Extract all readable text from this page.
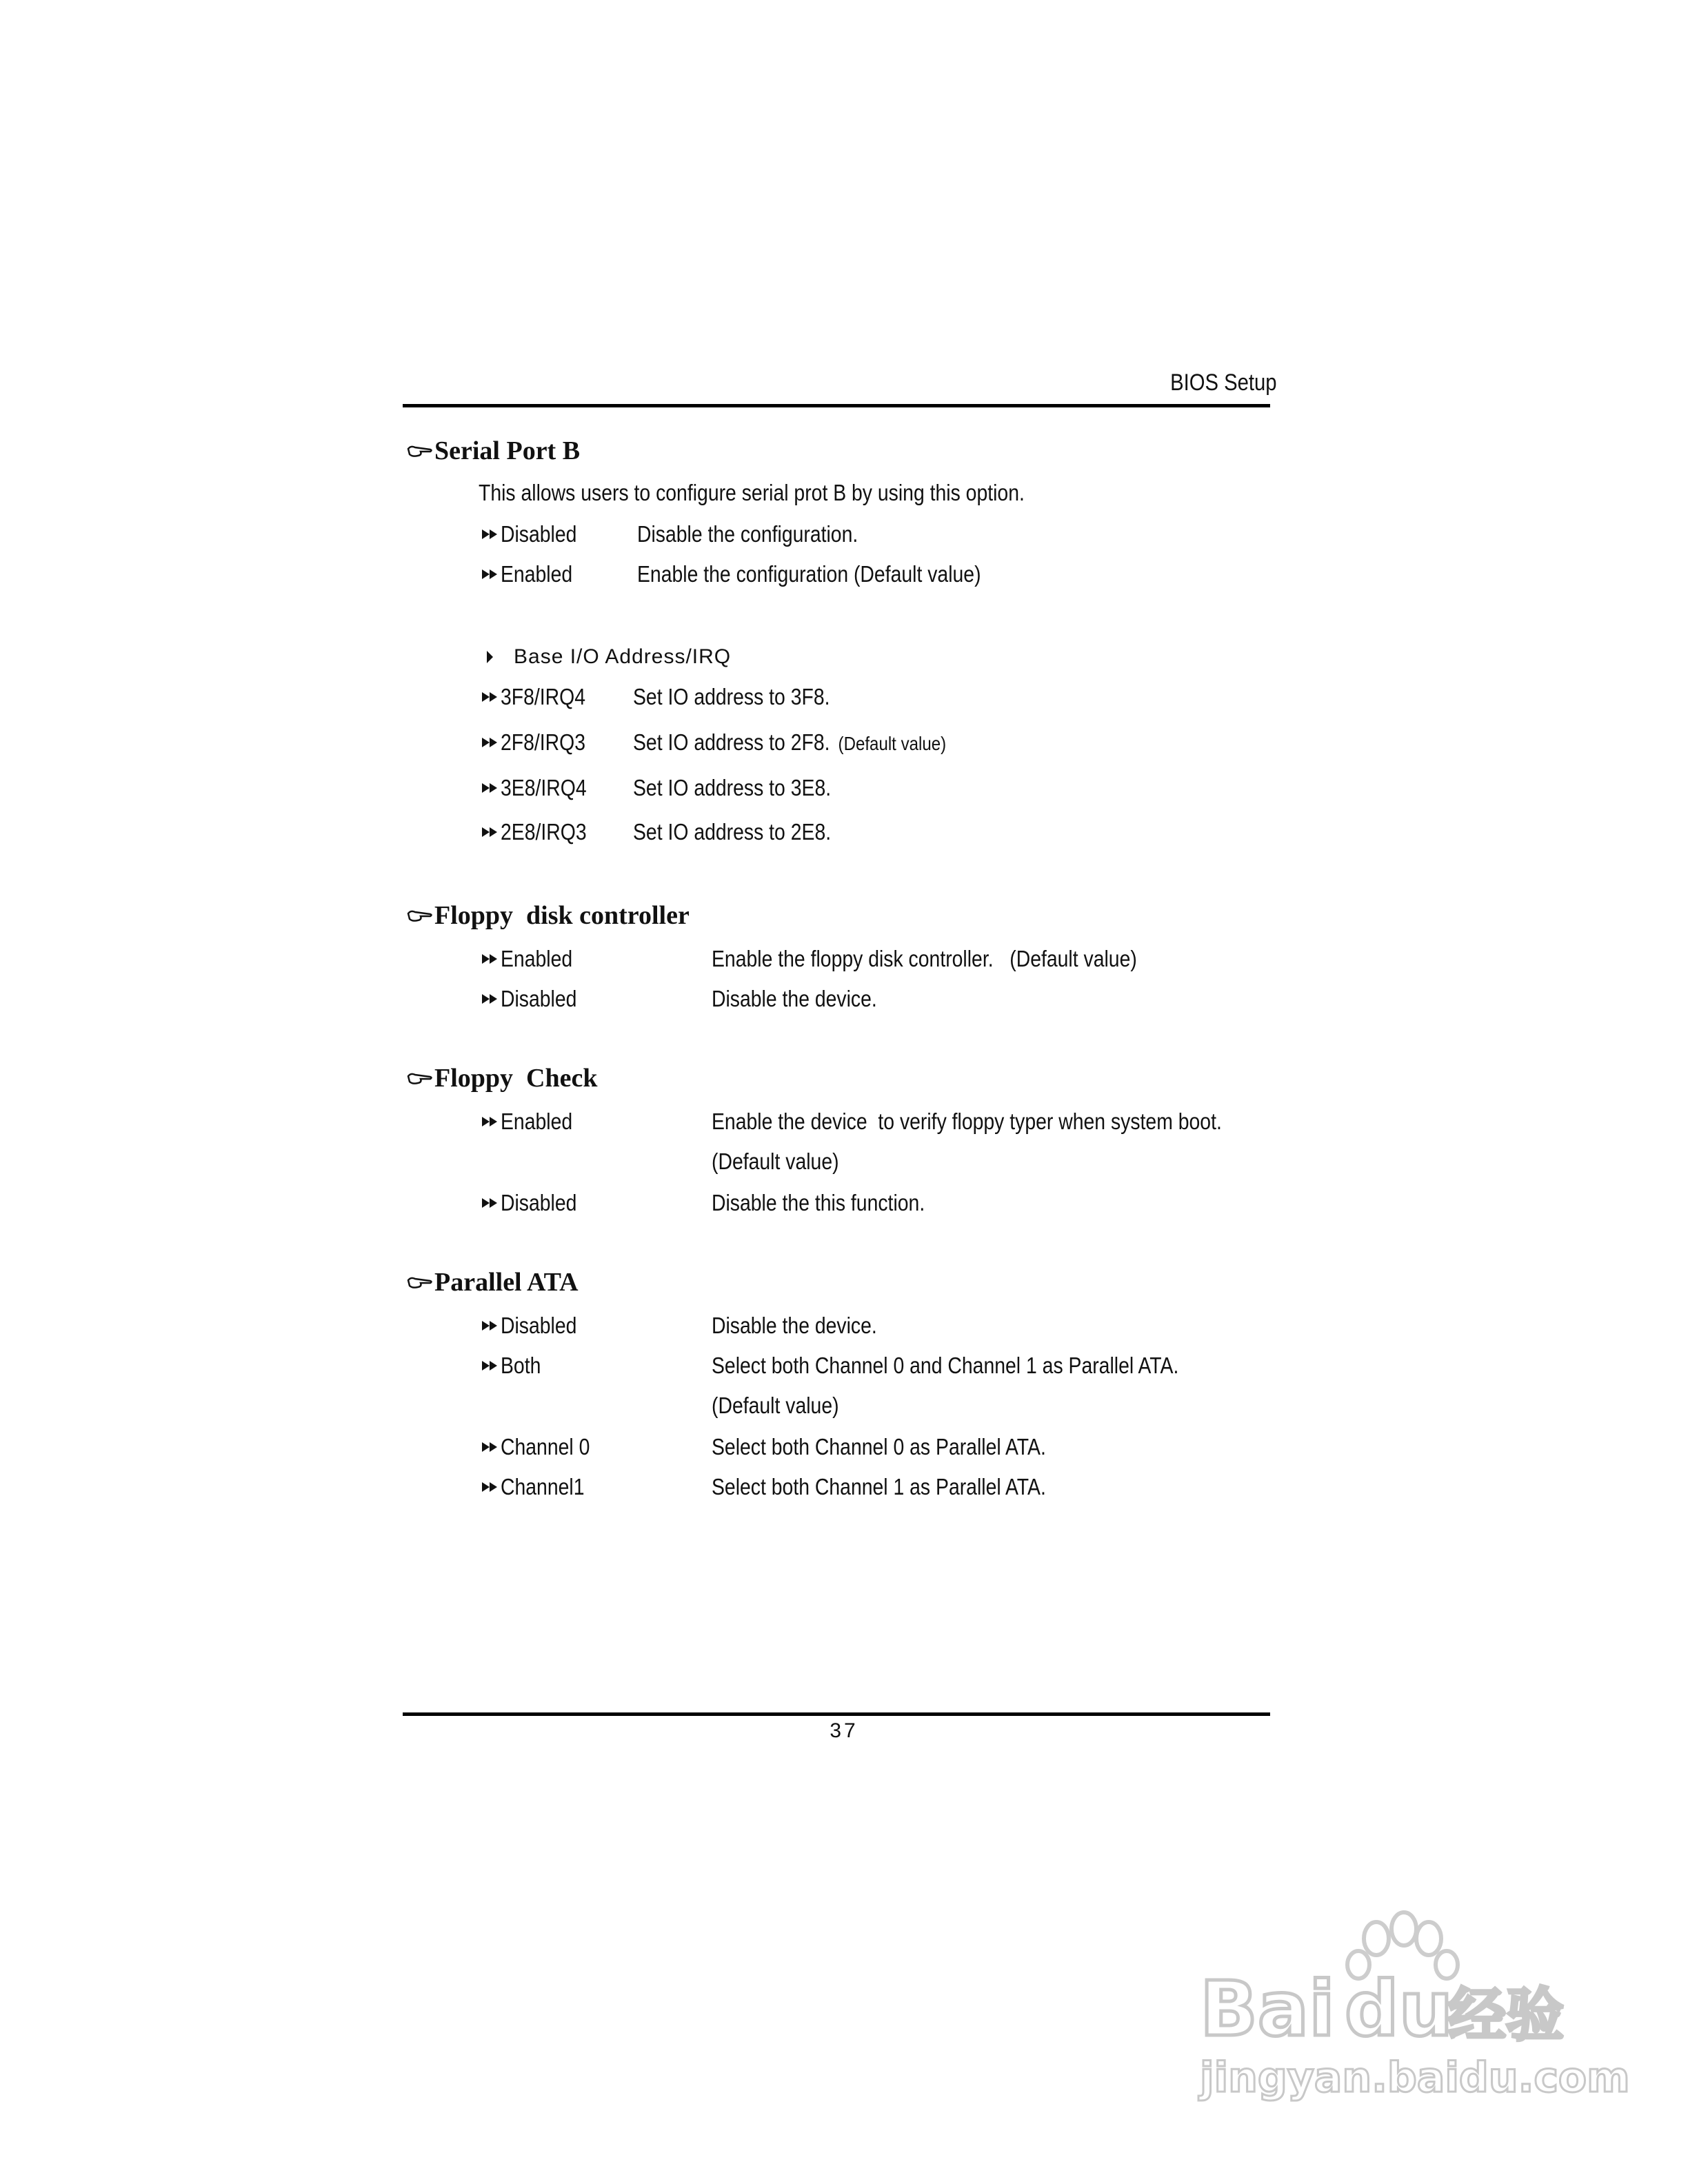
BIOS Setup
Serial Port B
This allows users to configure serial prot B by using this option.
Disabled	Disable the configuration.
Enabled	Enable the configuration (Default value)
Base I/O Address/IRQ
3F8/IRQ4 Set IO address to 3F8.
2F8/IRQ3 Set IO address to 2F8. (Default value)
3E8/IRQ4 Set IO address to 3E8.
2E8/IRQ3 Set IO address to 2E8.
Floppy  disk controller
Enabled	Enable the floppy disk controller.   (Default value)
Disabled	Disable the device.
Floppy  Check
Enabled	Enable the device  to verify floppy typer when system boot.
(Default value)
Disabled	Disable the this function.
Parallel ATA
Disabled	Disable the device.
Both	Select both Channel 0 and Channel 1 as Parallel ATA.
(Default value)
Channel 0	Select both Channel 0 as Parallel ATA.
Channel1	Select both Channel 1 as Parallel ATA.
37
Bai du
经验
jingyan.baidu.com
